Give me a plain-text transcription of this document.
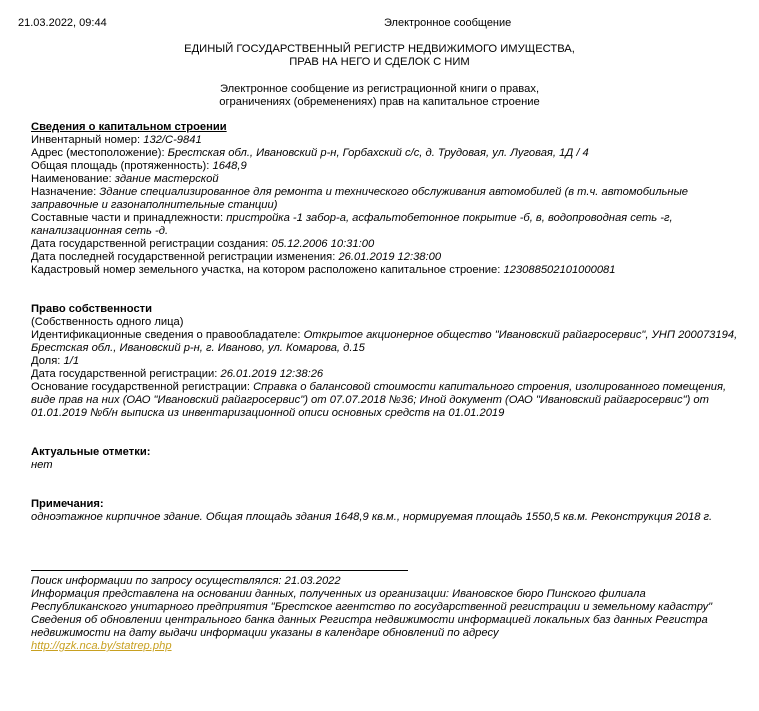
21.03.2022, 09:44	Электронное сообщение
ЕДИНЫЙ ГОСУДАРСТВЕННЫЙ РЕГИСТР НЕДВИЖИМОГО ИМУЩЕСТВА,
ПРАВ НА НЕГО И СДЕЛОК С НИМ
Электронное сообщение из регистрационной книги о правах,
ограничениях (обременениях) прав на капитальное строение
Сведения о капитальном строении
Инвентарный номер: 132/C-9841
Адрес (местоположение): Брестская обл., Ивановский р-н, Горбахский с/с, д. Трудовая, ул. Луговая, 1Д / 4
Общая площадь (протяженность): 1648,9
Наименование: здание мастерской
Назначение: Здание специализированное для ремонта и технического обслуживания автомобилей (в т.ч. автомобильные заправочные и газонаполнительные станции)
Составные части и принадлежности: пристройка -1 забор-а, асфальтобетонное покрытие -б, в, водопроводная сеть -г, канализационная сеть -д.
Дата государственной регистрации создания: 05.12.2006 10:31:00
Дата последней государственной регистрации изменения: 26.01.2019 12:38:00
Кадастровый номер земельного участка, на котором расположено капитальное строение: 123088502101000081
Право собственности
(Собственность одного лица)
Идентификационные сведения о правообладателе: Открытое акционерное общество "Ивановский райагросервис", УНП 200073194, Брестская обл., Ивановский р-н, г. Иваново, ул. Комарова, д.15
Доля: 1/1
Дата государственной регистрации: 26.01.2019 12:38:26
Основание государственной регистрации: Справка о балансовой стоимости капитального строения, изолированного помещения, виде прав на них (ОАО "Ивановский райагросервис") от 07.07.2018 №36; Иной документ (ОАО "Ивановский райагросервис") от 01.01.2019 №б/н выписка из инвентаризационной описи основных средств на 01.01.2019
Актуальные отметки:
нет
Примечания:
одноэтажное кирпичное здание. Общая площадь здания 1648,9 кв.м., нормируемая площадь 1550,5 кв.м. Реконструкция 2018 г.
Поиск информации по запросу осуществлялся: 21.03.2022
Информация представлена на основании данных, полученных из организации: Ивановское бюро Пинского филиала Республиканского унитарного предприятия "Брестское агентство по государственной регистрации и земельному кадастру"
Сведения об обновлении центрального банка данных Регистра недвижимости информацией локальных баз данных Регистра недвижимости на дату выдачи информации указаны в календаре обновлений по адресу
http://gzk.nca.by/statrep.php
